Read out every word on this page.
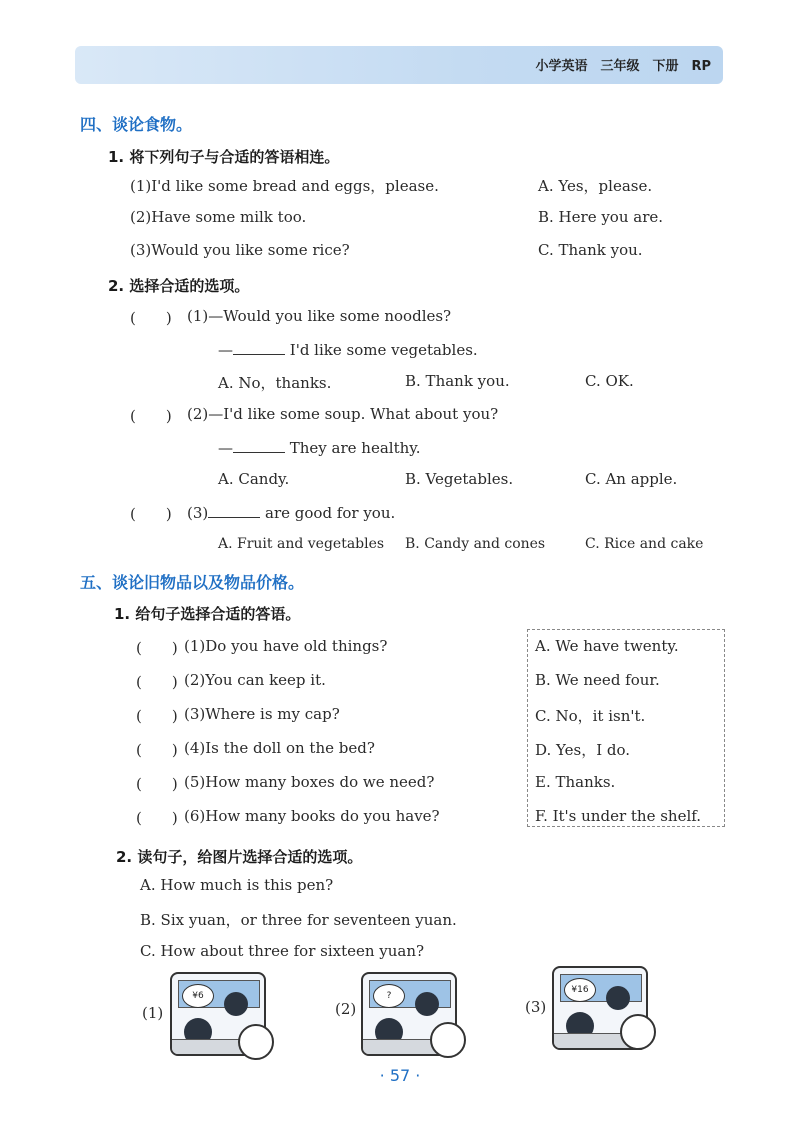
小学英语　三年级　下册　RP
四、谈论食物。
1. 将下列句子与合适的答语相连。
(1)I'd like some bread and eggs，please.
(2)Have some milk too.
(3)Would you like some rice?
A. Yes，please.
B. Here you are.
C. Thank you.
2. 选择合适的选项。
(　　) (1)—Would you like some noodles?
—	I'd like some vegetables.
A. No，thanks.	B. Thank you.	C. OK.
(　　) (2)—I'd like some soup. What about you?
—	They are healthy.
A. Candy.	B. Vegetables.	C. An apple.
(　　) (3)	are good for you.
A. Fruit and vegetables B. Candy and cones	C. Rice and cake
五、谈论旧物品以及物品价格。
1. 给句子选择合适的答语。
(　　) (1)Do you have old things?
(　　) (2)You can keep it.
(　　) (3)Where is my cap?
(　　) (4)Is the doll on the bed?
(　　) (5)How many boxes do we need?
(　　) (6)How many books do you have?
A. We have twenty.
B. We need four.
C. No，it isn't.
D. Yes，I do.
E. Thanks.
F. It's under the shelf.
2. 读句子，给图片选择合适的选项。
A. How much is this pen?
B. Six yuan，or three for seventeen yuan.
C. How about three for sixteen yuan?
(1)
¥6
(2)
?
(3)
¥16
· 57 ·
